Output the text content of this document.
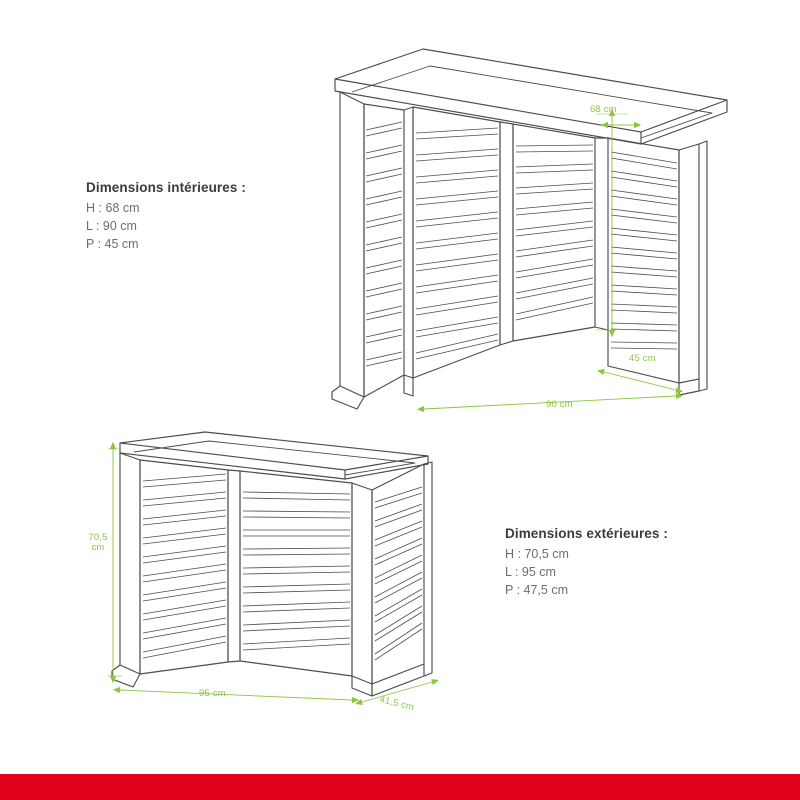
Dimensions intérieures :
H : 68 cm
L : 90 cm
P : 45 cm
Dimensions extérieures :
H : 70,5 cm
L : 95 cm
P : 47,5 cm
68 cm
45 cm
90 cm
70,5
cm
95 cm
41,5 cm
